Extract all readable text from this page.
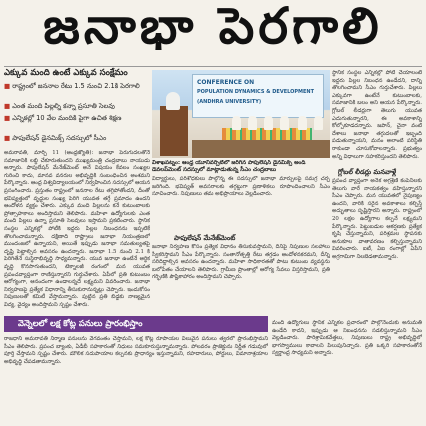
జనాభా పెరగాలి
ఎక్కువ మంది ఉంటే ఎక్కువ సంక్షేమం
■ రాష్ట్రంలో జననాల రేటు 1.5 నుంచి 2.1కి పెరగాలి
■ ఎంత మంది పిల్లల్ని కన్నా ప్రసూతి సెలవు
■ ఎన్నికల్లో 10 వేల మందికి పైగా ఉచిత శిక్షణ
■ పాపులేషన్ డైనమిక్స్ సదస్సులో సీఎం
అమరావతి, మార్చి 11 (ఆంధ్రజ్యోతి): జనాభా పెరుగుదలతోనే సమాజానికి లబ్ధి చేకూరుతుందని ముఖ్యమంత్రి చంద్రబాబు నాయుడు అన్నారు. పాపులేషన్ మేనేజ్‌మెంట్ అనే విషయం కేవలం సంఖ్యల గురించి కాదు, మానవ వనరుల అభివృద్ధికి సంబంధించిన అంశమని పేర్కొన్నారు. ఆంధ్ర విశ్వవిద్యాలయంలో నిర్వహించిన సదస్సులో ఆయన ప్రసంగించారు. ప్రస్తుతం రాష్ట్రంలో జననాల రేటు తగ్గిపోతోందని, దీంతో భవిష్యత్తులో వృద్ధుల సంఖ్య పెరిగి యువత తగ్గే ప్రమాదం ఉందని ఆందోళన వ్యక్తం చేశారు. ఎక్కువ మంది పిల్లలను కనే కుటుంబాలకు ప్రోత్సాహకాలు అందిస్తామని తెలిపారు. మహిళా ఉద్యోగులకు ఎంత మంది పిల్లలు ఉన్నా ప్రసూతి సెలవులు ఇస్తామని ప్రకటించారు. స్థానిక సంస్థల ఎన్నికల్లో పోటీకి ఇద్దరు పిల్లల నిబంధనను ఇప్పటికే తొలగించామన్నారు. దక్షిణాది రాష్ట్రాలు జనాభా నియంత్రణలో ముందంజలో ఉన్నాయని, అయితే ఇప్పుడు జనాభా సమతుల్యతపై దృష్టి పెట్టాల్సిన అవసరం ఉందన్నారు. జనాభా 1.5 నుంచి 2.1 కి పెరిగితేనే సుస్థిరాభివృద్ధి సాధ్యమన్నారు. యువ జనాభా ఉంటేనే ఆర్థిక వృద్ధి కొనసాగుతుందని, టెక్నాలజీ రంగంలో మన యువత ప్రపంచవ్యాప్తంగా రాణిస్తున్నారని గుర్తుచేశారు. ఏపీలో ప్రతి కుటుంబం ఆరోగ్యంగా, ఆనందంగా ఉండాలన్నదే లక్ష్యమని వివరించారు. జనాభా నిర్వహణపై ప్రత్యేక విధానాన్ని తీసుకురానున్నట్లు చెప్పారు. ఇందుకోసం నిపుణులతో కమిటీ వేస్తామన్నారు. పుట్టిన ప్రతి బిడ్డకు నాణ్యమైన విద్య, వైద్యం అందిస్తామని స్పష్టం చేశారు.
CONFERENCE ON
POPULATION DYNAMICS & DEVELOPMENT
(ANDHRA UNIVERSITY)
విశాఖపట్నం: ఆంధ్ర యూనివర్సిటీలో జరిగిన పాపులేషన్ డైనమిక్స్ అండ్ డెవలప్‌మెంట్ సదస్సులో మాట్లాడుతున్న సీఎం చంద్రబాబు
విద్యార్థులు, పరిశోధకులు పాల్గొన్న ఈ సదస్సులో జనాభా మార్పులపై సమగ్ర చర్చ జరిగింది. భవిష్యత్ అవసరాలకు తగ్గట్టుగా ప్రణాళికలు రూపొందించాలని సీఎం సూచించారు. నిపుణులు తమ అభిప్రాయాలు వెల్లడించారు.
పాపులేషన్ మేనేజ్‌మెంట్
జనాభా నిర్వహణ కోసం ప్రత్యేక విధానం తీసుకువస్తామని, దీనిపై నిపుణుల సలహాలు స్వీకరిస్తామని సీఎం పేర్కొన్నారు. సంతానోత్పత్తి రేటు తగ్గడం ఆందోళనకరమని, దీన్ని సరిదిద్దాల్సిన అవసరం ఉందన్నారు. మహిళా సాధికారతతో పాటు కుటుంబ వ్యవస్థను బలోపేతం చేయాలని తెలిపారు. గ్రామీణ ప్రాంతాల్లో ఆరోగ్య సేవలు విస్తరిస్తామని, ప్రతి గర్భిణికి పౌష్టికాహారం అందిస్తామని చెప్పారు.
స్థానిక సంస్థల ఎన్నికల్లో పోటీ చేయాలంటే ఇద్దరు పిల్లల నిబంధన ఉండేదని, దాన్ని తొలగించామని సీఎం గుర్తుచేశారు. పిల్లలు ఎక్కువగా ఉంటేనే కుటుంబాలకు, సమాజానికి బలం అని ఆయన పేర్కొన్నారు. గ్లోబల్ లీడర్లుగా తెలుగు యువత ఎదుగుతున్నారని, ఈ అవకాశాన్ని కోల్పోకూడదన్నారు. జపాన్, చైనా వంటి దేశాలు జనాభా తగ్గుదలతో ఇబ్బంది పడుతున్నాయని, మనం అలాంటి పరిస్థితి రాకుండా చూసుకోవాలన్నారు. ప్రభుత్వం అన్ని విధాలుగా సహకరిస్తుందని తెలిపారు.
గ్లోబల్ లీడర్లు మనవాళ్లే
ప్రపంచ వ్యాప్తంగా అనేక అగ్రశ్రేణి కంపెనీలకు తెలుగు వారే నాయకత్వం వహిస్తున్నారని సీఎం చెప్పారు. మన యువతలో నైపుణ్యం ఉందని, వారికి సరైన అవకాశాలు కల్పిస్తే అద్భుతాలు సృష్టిస్తారని అన్నారు. రాష్ట్రంలో 20 లక్షల ఉద్యోగాల కల్పనే లక్ష్యమని పేర్కొన్నారు. పెట్టుబడుల ఆకర్షణకు ప్రత్యేక కృషి చేస్తున్నామని, పరిశ్రమల స్థాపనకు అనుకూల వాతావరణం కల్పిస్తున్నామని వివరించారు. ఐటీ, ఏఐ రంగాల్లో ఏపీని అగ్రగామిగా నిలబెడతామన్నారు.
వెన్నెలలో లక్ష కోట్ల పనులు ప్రారంభిస్తాం
రాజధాని అమరావతి నిర్మాణ పనులను వేగవంతం చేస్తామని, లక్ష కోట్ల రూపాయల విలువైన పనులు త్వరలో ప్రారంభిస్తామని సీఎం తెలిపారు. ప్రపంచ బ్యాంకు, ఏడీబీ సహకారంతో నిధులు సమకూరుస్తున్నామన్నారు. పోలవరం ప్రాజెక్టును నిర్ణీత గడువులో పూర్తి చేస్తామని స్పష్టం చేశారు. మౌలిక సదుపాయాల కల్పనకు ప్రాధాన్యం ఇస్తున్నామని, రహదారులు, పోర్టులు, విమానాశ్రయాల అభివృద్ధి చేపడతామన్నారు.
మంది ఉద్యోగులు స్థానిక ఎన్నికల ప్రచారంలో పాల్గొనేందుకు అనుమతి ఉండేది కాదని, ఇప్పుడు ఆ నిబంధనను సడలిస్తున్నామని సీఎం వెల్లడించారు. పారిశ్రామికవేత్తలు, నిపుణులు రాష్ట్ర అభివృద్ధిలో భాగస్వాములు కావాలని పిలుపునిచ్చారు. ప్రతి ఒక్కరి సహకారంతోనే స్వర్ణాంధ్ర సాధ్యమని అన్నారు.
